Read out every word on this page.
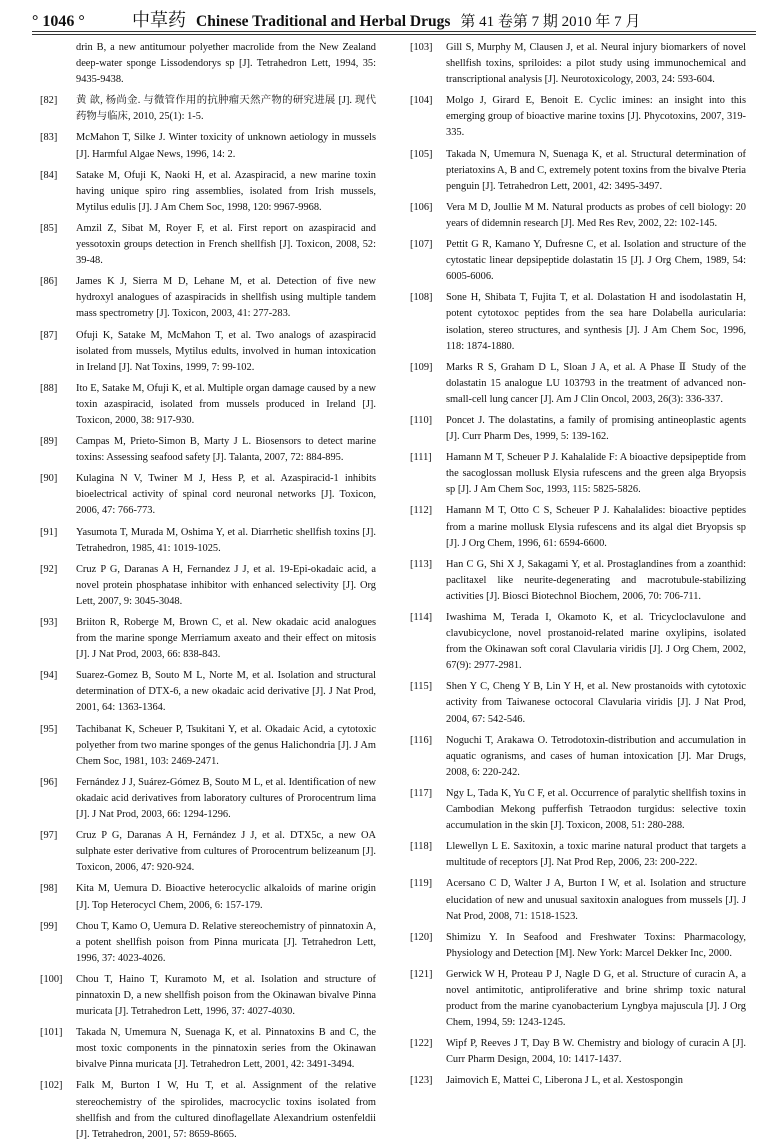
° 1046 °	中草药 Chinese Traditional and Herbal Drugs 第 41 卷第 7 期 2010 年 7 月
drin B, a new antitumour polyether macrolide from the New Zealand deep-water sponge Lissodendorys sp [J]. Tetrahedron Lett, 1994, 35: 9435-9438.
[82]	黄 歆, 杨尚金. 与微管作用的抗肿瘤天然产物的研究进展 [J]. 现代药物与临床, 2010, 25(1): 1-5.
[83]	McMahon T, Silke J. Winter toxicity of unknown aetiology in mussels [J]. Harmful Algae News, 1996, 14: 2.
[84]	Satake M, Ofuji K, Naoki H, et al. Azaspiracid, a new marine toxin having unique spiro ring assemblies, isolated from Irish mussels, Mytilus edulis [J]. J Am Chem Soc, 1998, 120: 9967-9968.
[85]	Amzil Z, Sibat M, Royer F, et al. First report on azaspiracid and yessotoxin groups detection in French shellfish [J]. Toxicon, 2008, 52: 39-48.
[86]	James K J, Sierra M D, Lehane M, et al. Detection of five new hydroxyl analogues of azaspiracids in shellfish using multiple tandem mass spectrometry [J]. Toxicon, 2003, 41: 277-283.
[87]	Ofuji K, Satake M, McMahon T, et al. Two analogs of azaspiracid isolated from mussels, Mytilus edults, involved in human intoxication in Ireland [J]. Nat Toxins, 1999, 7: 99-102.
[88]	Ito E, Satake M, Ofuji K, et al. Multiple organ damage caused by a new toxin azaspiracid, isolated from mussels produced in Ireland [J]. Toxicon, 2000, 38: 917-930.
[89]	Campas M, Prieto-Simon B, Marty J L. Biosensors to detect marine toxins: Assessing seafood safety [J]. Talanta, 2007, 72: 884-895.
[90]	Kulagina N V, Twiner M J, Hess P, et al. Azaspiracid-1 inhibits bioelectrical activity of spinal cord neuronal networks [J]. Toxicon, 2006, 47: 766-773.
[91]	Yasumota T, Murada M, Oshima Y, et al. Diarrhetic shellfish toxins [J]. Tetrahedron, 1985, 41: 1019-1025.
[92]	Cruz P G, Daranas A H, Fernandez J J, et al. 19-Epi-okadaic acid, a novel protein phosphatase inhibitor with enhanced selectivity [J]. Org Lett, 2007, 9: 3045-3048.
[93]	Briiton R, Roberge M, Brown C, et al. New okadaic acid analogues from the marine sponge Merriamum axeato and their effect on mitosis [J]. J Nat Prod, 2003, 66: 838-843.
[94]	Suarez-Gomez B, Souto M L, Norte M, et al. Isolation and structural determination of DTX-6, a new okadaic acid derivative [J]. J Nat Prod, 2001, 64: 1363-1364.
[95]	Tachibanat K, Scheuer P, Tsukitani Y, et al. Okadaic Acid, a cytotoxic polyether from two marine sponges of the genus Halichondria [J]. J Am Chem Soc, 1981, 103: 2469-2471.
[96]	Fernández J J, Suárez-Gómez B, Souto M L, et al. Identification of new okadaic acid derivatives from laboratory cultures of Prorocentrum lima [J]. J Nat Prod, 2003, 66: 1294-1296.
[97]	Cruz P G, Daranas A H, Fernández J J, et al. DTX5c, a new OA sulphate ester derivative from cultures of Prorocentrum belizeanum [J]. Toxicon, 2006, 47: 920-924.
[98]	Kita M, Uemura D. Bioactive heterocyclic alkaloids of marine origin [J]. Top Heterocycl Chem, 2006, 6: 157-179.
[99]	Chou T, Kamo O, Uemura D. Relative stereochemistry of pinnatoxin A, a potent shellfish poison from Pinna muricata [J]. Tetrahedron Lett, 1996, 37: 4023-4026.
[100]	Chou T, Haino T, Kuramoto M, et al. Isolation and structure of pinnatoxin D, a new shellfish poison from the Okinawan bivalve Pinna muricata [J]. Tetrahedron Lett, 1996, 37: 4027-4030.
[101]	Takada N, Umemura N, Suenaga K, et al. Pinnatoxins B and C, the most toxic components in the pinnatoxin series from the Okinawan bivalve Pinna muricata [J]. Tetrahedron Lett, 2001, 42: 3491-3494.
[102]	Falk M, Burton I W, Hu T, et al. Assignment of the relative stereochemistry of the spirolides, macrocyclic toxins isolated from shellfish and from the cultured dinoflagellate Alexandrium ostenfeldii [J]. Tetrahedron, 2001, 57: 8659-8665.
[103]	Gill S, Murphy M, Clausen J, et al. Neural injury biomarkers of novel shellfish toxins, spriloides: a pilot study using immunochemical and transcriptional analysis [J]. Neurotoxicology, 2003, 24: 593-604.
[104]	Molgo J, Girard E, Benoit E. Cyclic imines: an insight into this emerging group of bioactive marine toxins [J]. Phycotoxins, 2007, 319-335.
[105]	Takada N, Umemura N, Suenaga K, et al. Structural determination of pteriatoxins A, B and C, extremely potent toxins from the bivalve Pteria penguin [J]. Tetrahedron Lett, 2001, 42: 3495-3497.
[106]	Vera M D, Joullie M M. Natural products as probes of cell biology: 20 years of didemnin research [J]. Med Res Rev, 2002, 22: 102-145.
[107]	Pettit G R, Kamano Y, Dufresne C, et al. Isolation and structure of the cytostatic linear depsipeptide dolastatin 15 [J]. J Org Chem, 1989, 54: 6005-6006.
[108]	Sone H, Shibata T, Fujita T, et al. Dolastation H and isodolastatin H, potent cytotoxoc peptides from the sea hare Dolabella auricularia: isolation, stereo structures, and synthesis [J]. J Am Chem Soc, 1996, 118: 1874-1880.
[109]	Marks R S, Graham D L, Sloan J A, et al. A Phase Ⅱ Study of the dolastatin 15 analogue LU 103793 in the treatment of advanced non-small-cell lung cancer [J]. Am J Clin Oncol, 2003, 26(3): 336-337.
[110]	Poncet J. The dolastatins, a family of promising antineoplastic agents [J]. Curr Pharm Des, 1999, 5: 139-162.
[111]	Hamann M T, Scheuer P J. Kahalalide F: A bioactive depsipeptide from the sacoglossan mollusk Elysia rufescens and the green alga Bryopsis sp [J]. J Am Chem Soc, 1993, 115: 5825-5826.
[112]	Hamann M T, Otto C S, Scheuer P J. Kahalalides: bioactive peptides from a marine mollusk Elysia rufescens and its algal diet Bryopsis sp [J]. J Org Chem, 1996, 61: 6594-6600.
[113]	Han C G, Shi X J, Sakagami Y, et al. Prostaglandines from a zoanthid: paclitaxel like neurite-degenerating and macrotubule-stabilizing activities [J]. Biosci Biotechnol Biochem, 2006, 70: 706-711.
[114]	Iwashima M, Terada I, Okamoto K, et al. Tricycloclavulone and clavubicyclone, novel prostanoid-related marine oxylipins, isolated from the Okinawan soft coral Clavularia viridis [J]. J Org Chem, 2002, 67(9): 2977-2981.
[115]	Shen Y C, Cheng Y B, Lin Y H, et al. New prostanoids with cytotoxic activity from Taiwanese octocoral Clavularia viridis [J]. J Nat Prod, 2004, 67: 542-546.
[116]	Noguchi T, Arakawa O. Tetrodotoxin-distribution and accumulation in aquatic ogranisms, and cases of human intoxication [J]. Mar Drugs, 2008, 6: 220-242.
[117]	Ngy L, Tada K, Yu C F, et al. Occurrence of paralytic shellfish toxins in Cambodian Mekong pufferfish Tetraodon turgidus: selective toxin accumulation in the skin [J]. Toxicon, 2008, 51: 280-288.
[118]	Llewellyn L E. Saxitoxin, a toxic marine natural product that targets a multitude of receptors [J]. Nat Prod Rep, 2006, 23: 200-222.
[119]	Acersano C D, Walter J A, Burton I W, et al. Isolation and structure elucidation of new and unusual saxitoxin analogues from mussels [J]. J Nat Prod, 2008, 71: 1518-1523.
[120]	Shimizu Y. In Seafood and Freshwater Toxins: Pharmacology, Physiology and Detection [M]. New York: Marcel Dekker Inc, 2000.
[121]	Gerwick W H, Proteau P J, Nagle D G, et al. Structure of curacin A, a novel antimitotic, antiproliferative and brine shrimp toxic natural product from the marine cyanobacterium Lyngbya majuscula [J]. J Org Chem, 1994, 59: 1243-1245.
[122]	Wipf P, Reeves J T, Day B W. Chemistry and biology of curacin A [J]. Curr Pharm Design, 2004, 10: 1417-1437.
[123]	Jaimovich E, Mattei C, Liberona J L, et al. Xestospongin
